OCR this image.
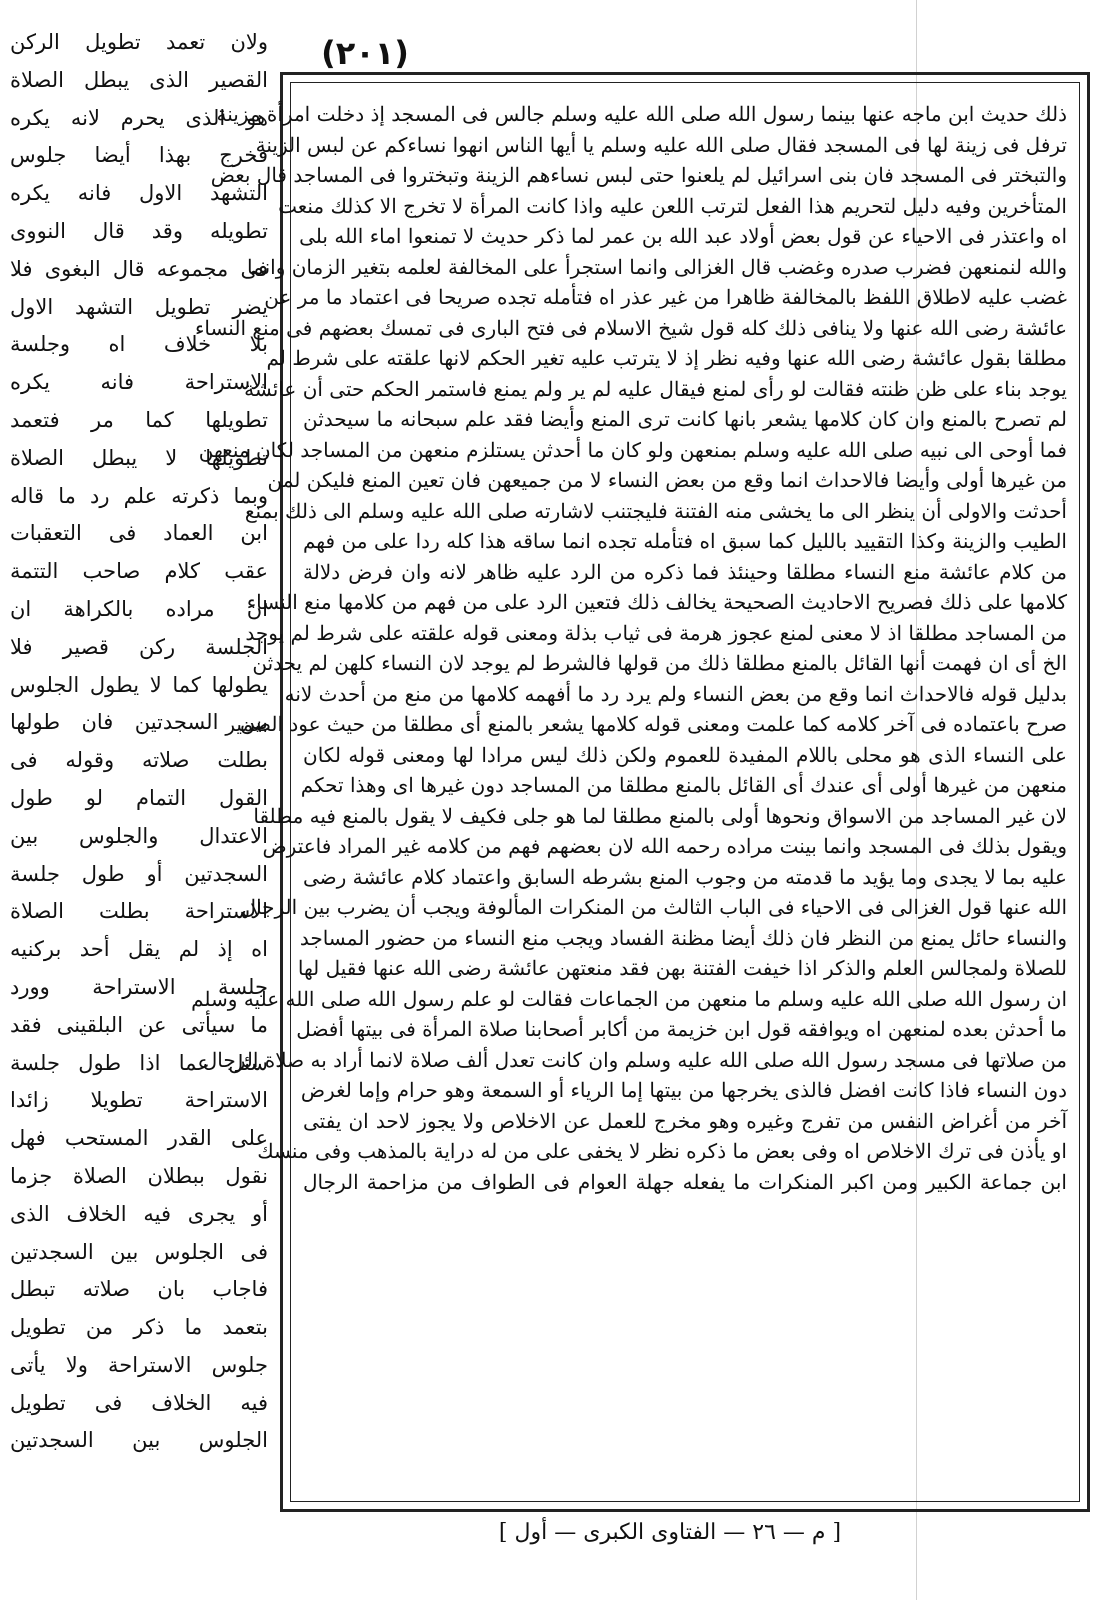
(٢٠١)
ولان تعمد تطويل الركن
القصير الذى يبطل الصلاة
هو الذى يحرم لانه يكره
فخرج بهذا أيضا جلوس
التشهد الاول فانه يكره
تطويله وقد قال النووى
فى مجموعه قال البغوى فلا
يضر تطويل التشهد الاول
بلا خلاف اه وجلسة
الاستراحة فانه يكره
تطويلها كما مر فتعمد
تطويلها لا يبطل الصلاة
وبما ذكرته علم رد ما قاله
ابن العماد فى التعقبات
عقب كلام صاحب التتمة
ان مراده بالكراهة ان
الجلسة ركن قصير فلا
يطولها كما لا يطول الجلوس
بين السجدتين فان طولها
بطلت صلاته وقوله فى
القول التمام لو طول
الاعتدال والجلوس بين
السجدتين أو طول جلسة
الاستراحة بطلت الصلاة
اه إذ لم يقل أحد بركنيه
جلسة الاستراحة وورد
ما سيأتى عن البلقينى فقد
سئل عما اذا طول جلسة
الاستراحة تطويلا زائدا
على القدر المستحب فهل
نقول ببطلان الصلاة جزما
أو يجرى فيه الخلاف الذى
فى الجلوس بين السجدتين
فاجاب بان صلاته تبطل
بتعمد ما ذكر من تطويل
جلوس الاستراحة ولا يأتى
فيه الخلاف فى تطويل
الجلوس بين السجدتين
ذلك حديث ابن ماجه عنها بينما رسول الله صلى الله عليه وسلم جالس فى المسجد إذ دخلت امرأة مزينة
ترفل فى زينة لها فى المسجد فقال صلى الله عليه وسلم يا أيها الناس انهوا نساءكم عن لبس الزينة
والتبختر فى المسجد فان بنى اسرائيل لم يلعنوا حتى لبس نساءهم الزينة وتبختروا فى المساجد قال بعض
المتأخرين وفيه دليل لتحريم هذا الفعل لترتب اللعن عليه واذا كانت المرأة لا تخرج الا كذلك منعت
اه واعتذر فى الاحياء عن قول بعض أولاد عبد الله بن عمر لما ذكر حديث لا تمنعوا اماء الله بلى
والله لنمنعهن فضرب صدره وغضب قال الغزالى وانما استجرأ على المخالفة لعلمه بتغير الزمان وانما
غضب عليه لاطلاق اللفظ بالمخالفة ظاهرا من غير عذر اه فتأمله تجده صريحا فى اعتماد ما مر عن
عائشة رضى الله عنها ولا ينافى ذلك كله قول شيخ الاسلام فى فتح البارى فى تمسك بعضهم فى منع النساء
مطلقا بقول عائشة رضى الله عنها وفيه نظر إذ لا يترتب عليه تغير الحكم لانها علقته على شرط لم
يوجد بناء على ظن ظنته فقالت لو رأى لمنع فيقال عليه لم ير ولم يمنع فاستمر الحكم حتى أن عائشة
لم تصرح بالمنع وان كان كلامها يشعر بانها كانت ترى المنع وأيضا فقد علم سبحانه ما سيحدثن
فما أوحى الى نبيه صلى الله عليه وسلم بمنعهن ولو كان ما أحدثن يستلزم منعهن من المساجد لكان منعهن
من غيرها أولى وأيضا فالاحداث انما وقع من بعض النساء لا من جميعهن فان تعين المنع فليكن لمن
أحدثت والاولى أن ينظر الى ما يخشى منه الفتنة فليجتنب لاشارته صلى الله عليه وسلم الى ذلك بمنع
الطيب والزينة وكذا التقييد بالليل كما سبق اه فتأمله تجده انما ساقه هذا كله ردا على من فهم
من كلام عائشة منع النساء مطلقا وحينئذ فما ذكره من الرد عليه ظاهر لانه وان فرض دلالة
كلامها على ذلك فصريح الاحاديث الصحيحة يخالف ذلك فتعين الرد على من فهم من كلامها منع النساء
من المساجد مطلقا اذ لا معنى لمنع عجوز هرمة فى ثياب بذلة ومعنى قوله علقته على شرط لم يوجد
الخ أى ان فهمت أنها القائل بالمنع مطلقا ذلك من قولها فالشرط لم يوجد لان النساء كلهن لم يحدثن
بدليل قوله فالاحداث انما وقع من بعض النساء ولم يرد رد ما أفهمه كلامها من منع من أحدث لانه
صرح باعتماده فى آخر كلامه كما علمت ومعنى قوله كلامها يشعر بالمنع أى مطلقا من حيث عود الضمير
على النساء الذى هو محلى باللام المفيدة للعموم ولكن ذلك ليس مرادا لها ومعنى قوله لكان
منعهن من غيرها أولى أى عندك أى القائل بالمنع مطلقا من المساجد دون غيرها اى وهذا تحكم
لان غير المساجد من الاسواق ونحوها أولى بالمنع مطلقا لما هو جلى فكيف لا يقول بالمنع فيه مطلقا
ويقول بذلك فى المسجد وانما بينت مراده رحمه الله لان بعضهم فهم من كلامه غير المراد فاعترض
عليه بما لا يجدى وما يؤيد ما قدمته من وجوب المنع بشرطه السابق واعتماد كلام عائشة رضى
الله عنها قول الغزالى فى الاحياء فى الباب الثالث من المنكرات المألوفة ويجب أن يضرب بين الرجال
والنساء حائل يمنع من النظر فان ذلك أيضا مظنة الفساد ويجب منع النساء من حضور المساجد
للصلاة ولمجالس العلم والذكر اذا خيفت الفتنة بهن فقد منعتهن عائشة رضى الله عنها فقيل لها
ان رسول الله صلى الله عليه وسلم ما منعهن من الجماعات فقالت لو علم رسول الله صلى الله عليه وسلم
ما أحدثن بعده لمنعهن اه ويوافقه قول ابن خزيمة من أكابر أصحابنا صلاة المرأة فى بيتها أفضل
من صلاتها فى مسجد رسول الله صلى الله عليه وسلم وان كانت تعدل ألف صلاة لانما أراد به صلاة الرجال
دون النساء فاذا كانت افضل فالذى يخرجها من بيتها إما الرياء أو السمعة وهو حرام وإما لغرض
آخر من أغراض النفس من تفرج وغيره وهو مخرج للعمل عن الاخلاص ولا يجوز لاحد ان يفتى
او يأذن فى ترك الاخلاص اه وفى بعض ما ذكره نظر لا يخفى على من له دراية بالمذهب وفى منسك
ابن جماعة الكبير ومن اكبر المنكرات ما يفعله جهلة العوام فى الطواف من مزاحمة الرجال
[ م — ٢٦ — الفتاوى الكبرى — أول ]
